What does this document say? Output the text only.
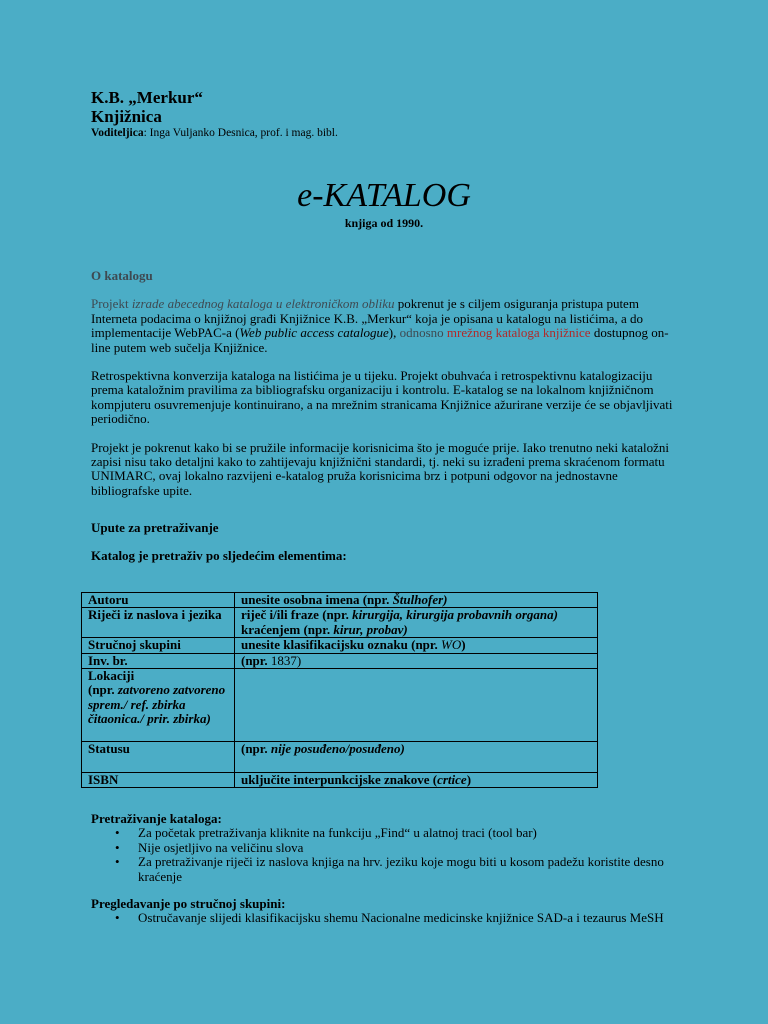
K.B. „Merkur“
Knjižnica
Voditeljica: Inga Vuljanko Desnica, prof. i mag. bibl.
e-KATALOG
knjiga od 1990.

O katalogu

Projekt izrade abecednog kataloga u elektroničkom obliku pokrenut je s ciljem osiguranja pristupa putem Interneta podacima o knjižnoj građi Knjižnice K.B. „Merkur“ koja je opisana u katalogu na listićima, a do implementacije WebPAC-a (Web public access catalogue), odnosno mrežnog kataloga knjižnice dostupnog on-line putem web sučelja Knjižnice.

Retrospektivna konverzija kataloga na listićima je u tijeku. Projekt obuhvaća i retrospektivnu katalogizaciju prema kataložnim pravilima za bibliografsku organizaciju i kontrolu. E-katalog se na lokalnom knjižničnom kompjuteru osuvremenjuje kontinuirano, a na mrežnim stranicama Knjižnice ažurirane verzije će se objavljivati periodično.

Projekt je pokrenut kako bi se pružile informacije korisnicima što je moguće prije. Iako trenutno neki kataložni zapisi nisu tako detaljni kako to zahtijevaju knjižnični standardi, tj. neki su izrađeni prema skraćenom formatu UNIMARC, ovaj lokalno razvijeni e-katalog pruža korisnicima brz i potpuni odgovor na jednostavne bibliografske upite.

Upute za pretraživanje

Katalog je pretraživ po sljedećim elementima:

Autoru	unesite osobna imena (npr. Štulhofer)
Riječi iz naslova i jezika	riječ i/ili fraze (npr. kirurgija, kirurgija probavnih organa)
kraćenjem (npr. kirur, probav)
Stručnoj skupini	unesite klasifikacijsku oznaku (npr. WO)
Inv. br.	(npr. 1837)
Lokaciji
(npr. zatvoreno zatvoreno sprem./ ref. zbirka čitaonica./ prir. zbirka)	
Statusu	(npr. nije posuđeno/posuđeno)
ISBN	uključite interpunkcijske znakove (crtice)

Pretraživanje kataloga:

• Za početak pretraživanja kliknite na funkciju „Find“ u alatnoj traci (tool bar)
• Nije osjetljivo na veličinu slova
• Za pretraživanje riječi iz naslova knjiga na hrv. jeziku koje mogu biti u kosom padežu koristite desno kraćenje

Pregledavanje po stručnoj skupini:

• Ostručavanje slijedi klasifikacijsku shemu Nacionalne medicinske knjižnice SAD-a i tezaurus MeSH
